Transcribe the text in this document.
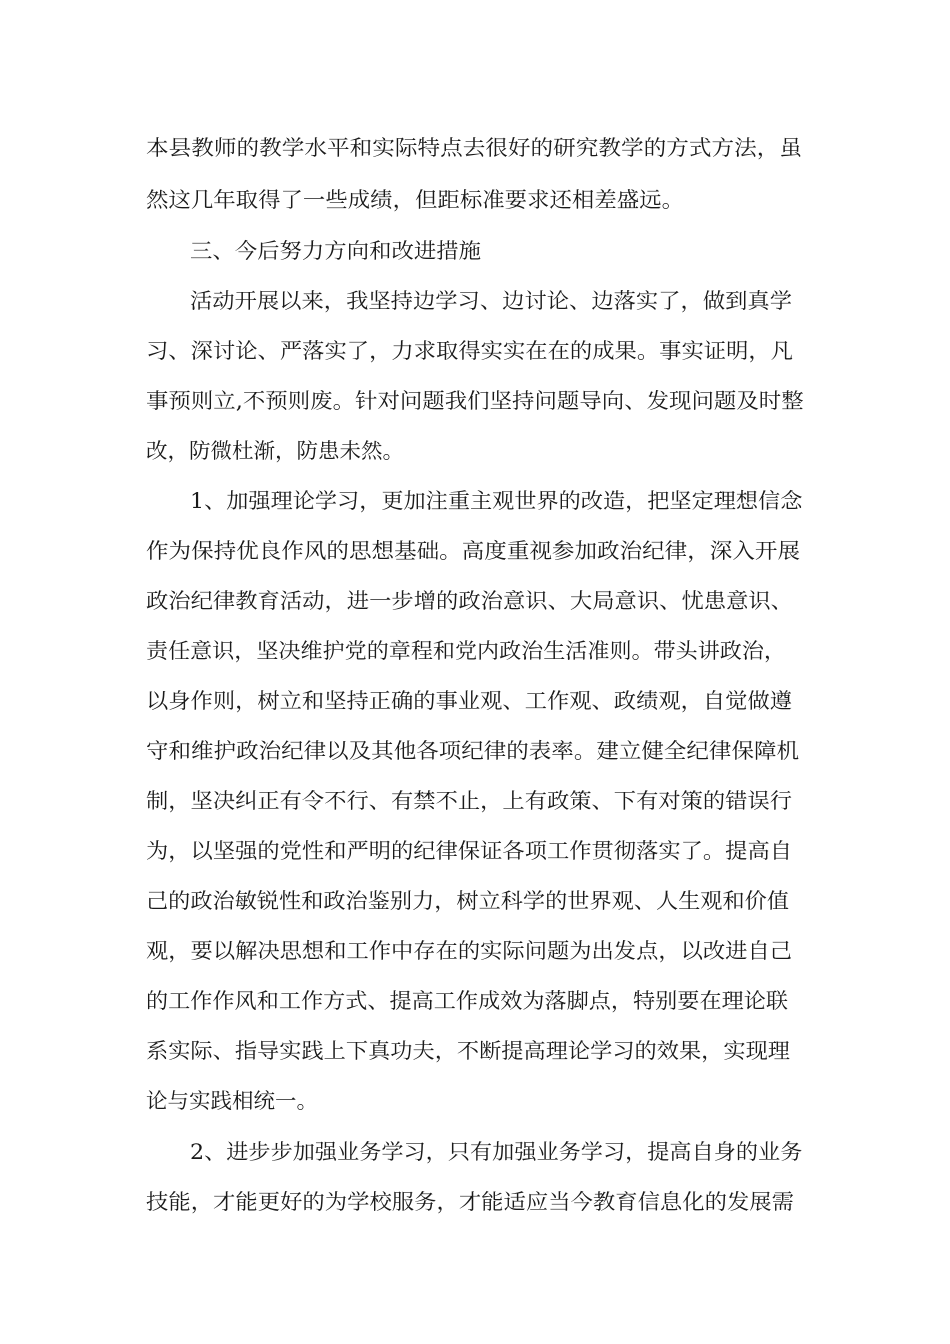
本县教师的教学水平和实际特点去很好的研究教学的方式方法，虽
然这几年取得了一些成绩，但距标准要求还相差盛远。
三、今后努力方向和改进措施
活动开展以来，我坚持边学习、边讨论、边落实了，做到真学
习、深讨论、严落实了，力求取得实实在在的成果。事实证明，凡
事预则立,不预则废。针对问题我们坚持问题导向、发现问题及时整
改，防微杜渐，防患未然。
1、加强理论学习，更加注重主观世界的改造，把坚定理想信念
作为保持优良作风的思想基础。高度重视参加政治纪律，深入开展
政治纪律教育活动，进一步增的政治意识、大局意识、忧患意识、
责任意识，坚决维护党的章程和党内政治生活准则。带头讲政治，
以身作则，树立和坚持正确的事业观、工作观、政绩观，自觉做遵
守和维护政治纪律以及其他各项纪律的表率。建立健全纪律保障机
制，坚决纠正有令不行、有禁不止，上有政策、下有对策的错误行
为，以坚强的党性和严明的纪律保证各项工作贯彻落实了。提高自
己的政治敏锐性和政治鉴别力，树立科学的世界观、人生观和价值
观，要以解决思想和工作中存在的实际问题为出发点，以改进自己
的工作作风和工作方式、提高工作成效为落脚点，特别要在理论联
系实际、指导实践上下真功夫，不断提高理论学习的效果，实现理
论与实践相统一。
2、进步步加强业务学习，只有加强业务学习，提高自身的业务
技能，才能更好的为学校服务，才能适应当今教育信息化的发展需
